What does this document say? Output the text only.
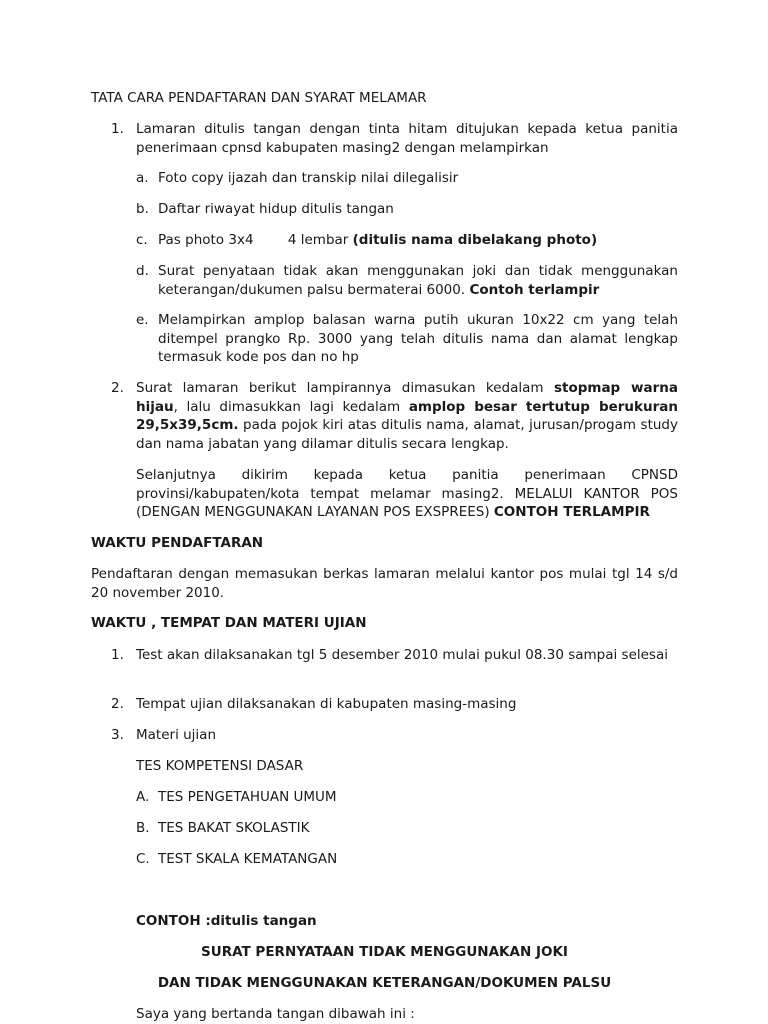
TATA CARA PENDAFTARAN DAN SYARAT MELAMAR
1. Lamaran ditulis tangan dengan tinta hitam ditujukan kepada ketua panitia penerimaan cpnsd kabupaten masing2 dengan melampirkan
a. Foto copy ijazah dan transkip nilai dilegalisir
b. Daftar riwayat hidup ditulis tangan
c. Pas photo 3x4        4 lembar (ditulis nama dibelakang photo)
d. Surat penyataan tidak akan menggunakan joki dan tidak menggunakan keterangan/dukumen palsu bermaterai 6000. Contoh terlampir
e. Melampirkan amplop balasan warna putih ukuran 10x22 cm yang telah ditempel prangko Rp. 3000 yang telah ditulis nama dan alamat lengkap termasuk kode pos dan no hp
2. Surat lamaran berikut lampirannya dimasukan kedalam stopmap warna hijau, lalu dimasukkan lagi kedalam amplop besar tertutup berukuran 29,5x39,5cm. pada pojok kiri atas ditulis nama, alamat, jurusan/progam study dan nama jabatan yang dilamar ditulis secara lengkap.
Selanjutnya dikirim kepada ketua panitia penerimaan CPNSD provinsi/kabupaten/kota tempat melamar masing2. MELALUI KANTOR POS (DENGAN MENGGUNAKAN LAYANAN POS EXSPREES) CONTOH TERLAMPIR
WAKTU PENDAFTARAN
Pendaftaran dengan memasukan berkas lamaran melalui kantor pos mulai tgl 14 s/d 20 november 2010.
WAKTU , TEMPAT DAN MATERI UJIAN
1. Test akan dilaksanakan tgl 5 desember 2010 mulai pukul 08.30 sampai selesai
2. Tempat ujian dilaksanakan di kabupaten masing-masing
3. Materi ujian
TES KOMPETENSI DASAR
A. TES PENGETAHUAN UMUM
B. TES BAKAT SKOLASTIK
C. TEST SKALA KEMATANGAN
CONTOH :ditulis tangan
SURAT PERNYATAAN TIDAK MENGGUNAKAN JOKI
DAN TIDAK MENGGUNAKAN KETERANGAN/DOKUMEN PALSU
Saya yang bertanda tangan dibawah ini :
